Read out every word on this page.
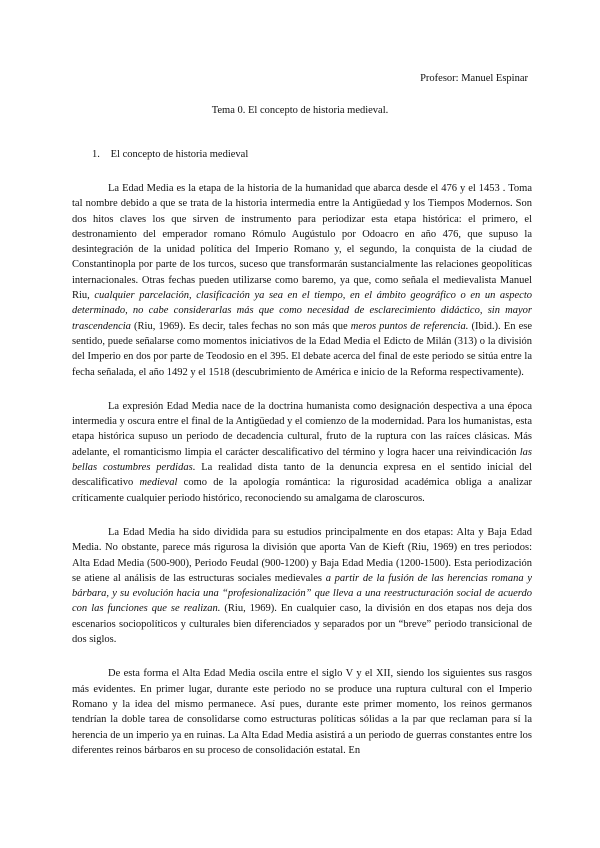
Profesor: Manuel Espinar
Tema 0. El concepto de historia medieval.
1. El concepto de historia medieval

La Edad Media es la etapa de la historia de la humanidad que abarca desde el 476 y el 1453 . Toma tal nombre debido a que se trata de la historia intermedia entre la Antigüedad y los Tiempos Modernos. Son dos hitos claves los que sirven de instrumento para periodizar esta etapa histórica: el primero, el destronamiento del emperador romano Rómulo Augústulo por Odoacro en año 476, que supuso la desintegración de la unidad política del Imperio Romano y, el segundo, la conquista de la ciudad de Constantinopla por parte de los turcos, suceso que transformarán sustancialmente las relaciones geopolíticas internacionales. Otras fechas pueden utilizarse como baremo, ya que, como señala el medievalista Manuel Riu, cualquier parcelación, clasificación ya sea en el tiempo, en el ámbito geográfico o en un aspecto determinado, no cabe considerarlas más que como necesidad de esclarecimiento didáctico, sin mayor trascendencia (Riu, 1969). Es decir, tales fechas no son más que meros puntos de referencia. (Ibid.). En ese sentido, puede señalarse como momentos iniciativos de la Edad Media el Edicto de Milán (313) o la división del Imperio en dos por parte de Teodosio en el 395. El debate acerca del final de este periodo se sitúa entre la fecha señalada, el año 1492 y el 1518 (descubrimiento de América e inicio de la Reforma respectivamente).

La expresión Edad Media nace de la doctrina humanista como designación despectiva a una época intermedia y oscura entre el final de la Antigüedad y el comienzo de la modernidad. Para los humanistas, esta etapa histórica supuso un periodo de decadencia cultural, fruto de la ruptura con las raíces clásicas. Más adelante, el romanticismo limpia el carácter descalificativo del término y logra hacer una reivindicación las bellas costumbres perdidas. La realidad dista tanto de la denuncia expresa en el sentido inicial del descalificativo medieval como de la apología romántica: la rigurosidad académica obliga a analizar críticamente cualquier periodo histórico, reconociendo su amalgama de claroscuros.

La Edad Media ha sido dividida para su estudios principalmente en dos etapas: Alta y Baja Edad Media. No obstante, parece más rigurosa la división que aporta Van de Kieft (Riu, 1969) en tres periodos: Alta Edad Media (500-900), Periodo Feudal (900-1200) y Baja Edad Media (1200-1500). Esta periodización se atiene al análisis de las estructuras sociales medievales a partir de la fusión de las herencias romana y bárbara, y su evolución hacia una “profesionalización” que lleva a una reestructuración social de acuerdo con las funciones que se realizan. (Riu, 1969). En cualquier caso, la división en dos etapas nos deja dos escenarios sociopolíticos y culturales bien diferenciados y separados por un “breve” periodo transicional de dos siglos.

De esta forma el Alta Edad Media oscila entre el siglo V y el XII, siendo los siguientes sus rasgos más evidentes. En primer lugar, durante este periodo no se produce una ruptura cultural con el Imperio Romano y la idea del mismo permanece. Así pues, durante este primer momento, los reinos germanos tendrían la doble tarea de consolidarse como estructuras políticas sólidas a la par que reclaman para sí la herencia de un imperio ya en ruinas. La Alta Edad Media asistirá a un periodo de guerras constantes entre los diferentes reinos bárbaros en su proceso de consolidación estatal. En
